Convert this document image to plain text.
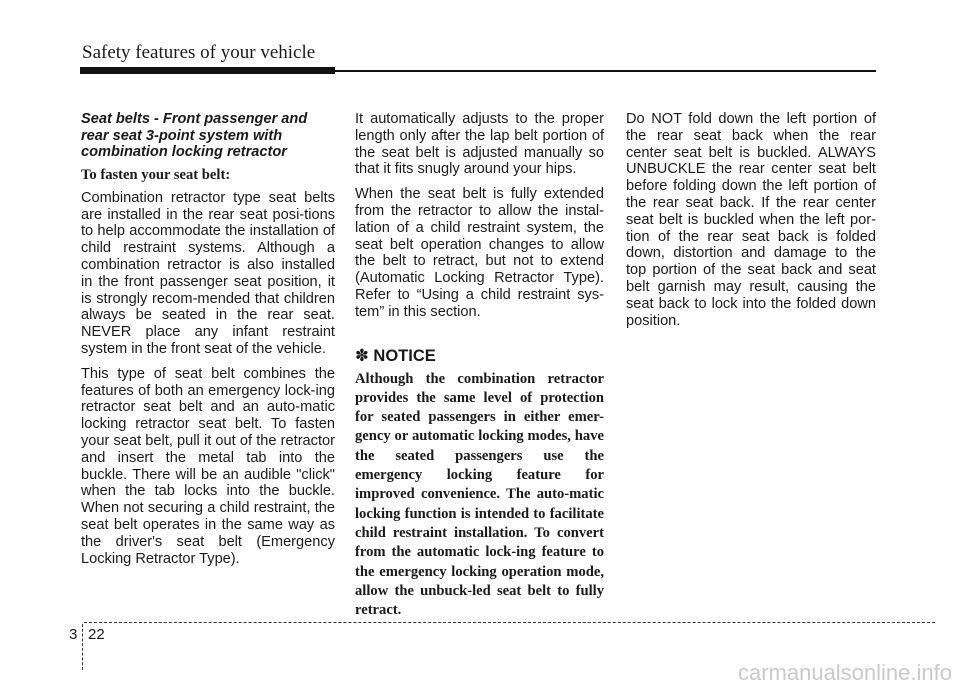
Safety features of your vehicle
Seat belts - Front passenger and rear seat 3-point system with combination locking retractor
To fasten your seat belt:

Combination retractor type seat belts are installed in the rear seat posi-tions to help accommodate the installation of child restraint systems. Although a combination retractor is also installed in the front passenger seat position, it is strongly recom-mended that children always be seated in the rear seat. NEVER place any infant restraint system in the front seat of the vehicle.

This type of seat belt combines the features of both an emergency lock-ing retractor seat belt and an auto-matic locking retractor seat belt. To fasten your seat belt, pull it out of the retractor and insert the metal tab into the buckle. There will be an audible "click" when the tab locks into the buckle. When not securing a child restraint, the seat belt operates in the same way as the driver's seat belt (Emergency Locking Retractor Type).

It automatically adjusts to the proper length only after the lap belt portion of the seat belt is adjusted manually so that it fits snugly around your hips.

When the seat belt is fully extended from the retractor to allow the instal-lation of a child restraint system, the seat belt operation changes to allow the belt to retract, but not to extend (Automatic Locking Retractor Type). Refer to “Using a child restraint sys-tem” in this section.

✽ NOTICE

Although the combination retractor provides the same level of protection for seated passengers in either emer-gency or automatic locking modes, have the seated passengers use the emergency locking feature for improved convenience. The auto-matic locking function is intended to facilitate child restraint installation. To convert from the automatic lock-ing feature to the emergency locking operation mode, allow the unbuck-led seat belt to fully retract.

Do NOT fold down the left portion of the rear seat back when the rear center seat belt is buckled. ALWAYS UNBUCKLE the rear center seat belt before folding down the left portion of the rear seat back. If the rear center seat belt is buckled when the left por-tion of the rear seat back is folded down, distortion and damage to the top portion of the seat back and seat belt garnish may result, causing the seat back to lock into the folded down position.

3 22
carmanualsonline.info
